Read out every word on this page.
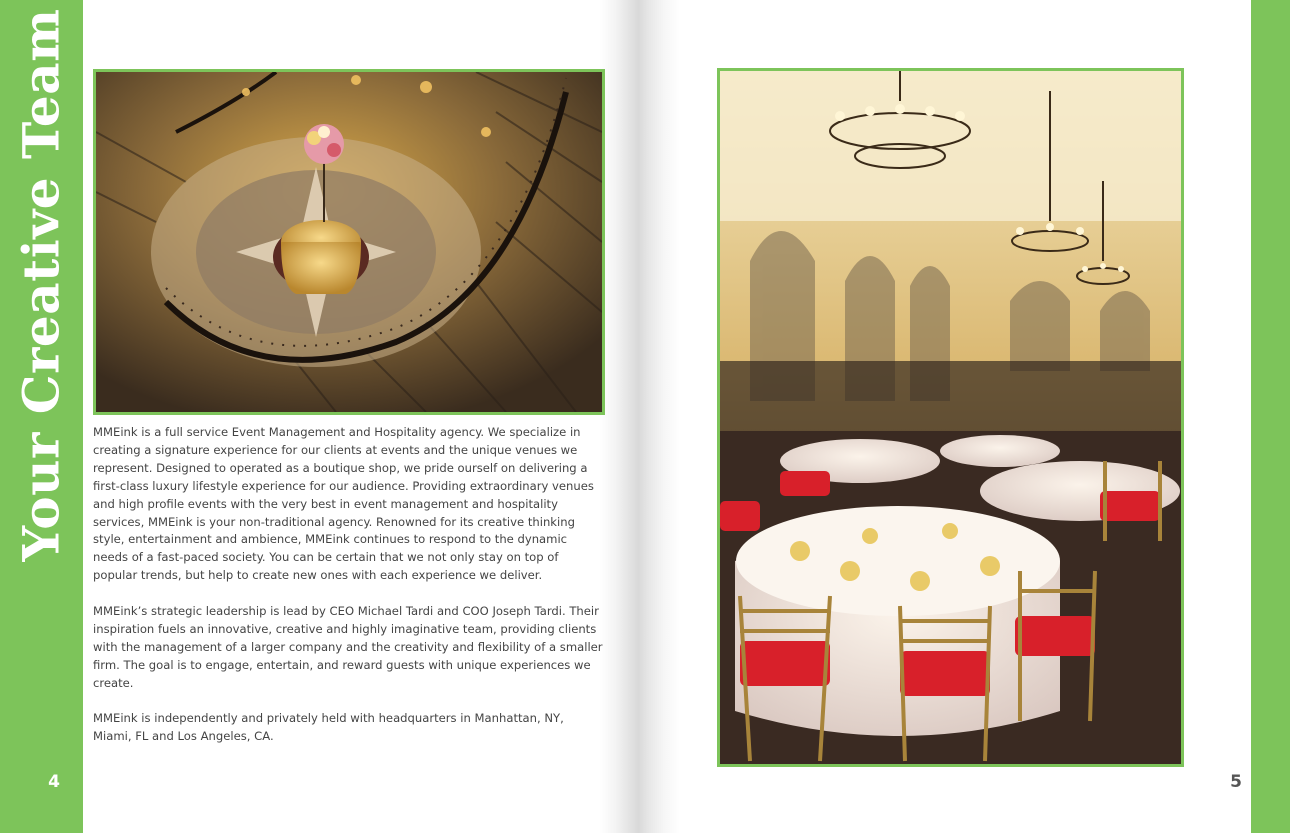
Your Creative Team
4

MMEink is a full service Event Management and Hospitality agency. We specialize in creating a signature experience for our clients at events and the unique venues we represent. Designed to operated as a boutique shop, we pride ourself on delivering a first-class luxury lifestyle experience for our audience. Providing extraordinary venues and high profile events with the very best in event management and hospitality services, MMEink is your non-traditional agency. Renowned for its creative thinking style, entertainment and ambience, MMEink continues to respond to the dynamic needs of a fast-paced society. You can be certain that we not only stay on top of popular trends, but help to create new ones with each experience we deliver.

MMEink’s strategic leadership is lead by CEO Michael Tardi and COO Joseph Tardi. Their inspiration fuels an innovative, creative and highly imaginative team, providing clients with the management of a larger company and the creativity and flexibility of a smaller firm. The goal is to engage, entertain, and reward guests with unique experiences we create.

MMEink is independently and privately held with headquarters in Manhattan, NY, Miami, FL and Los Angeles, CA.

5
